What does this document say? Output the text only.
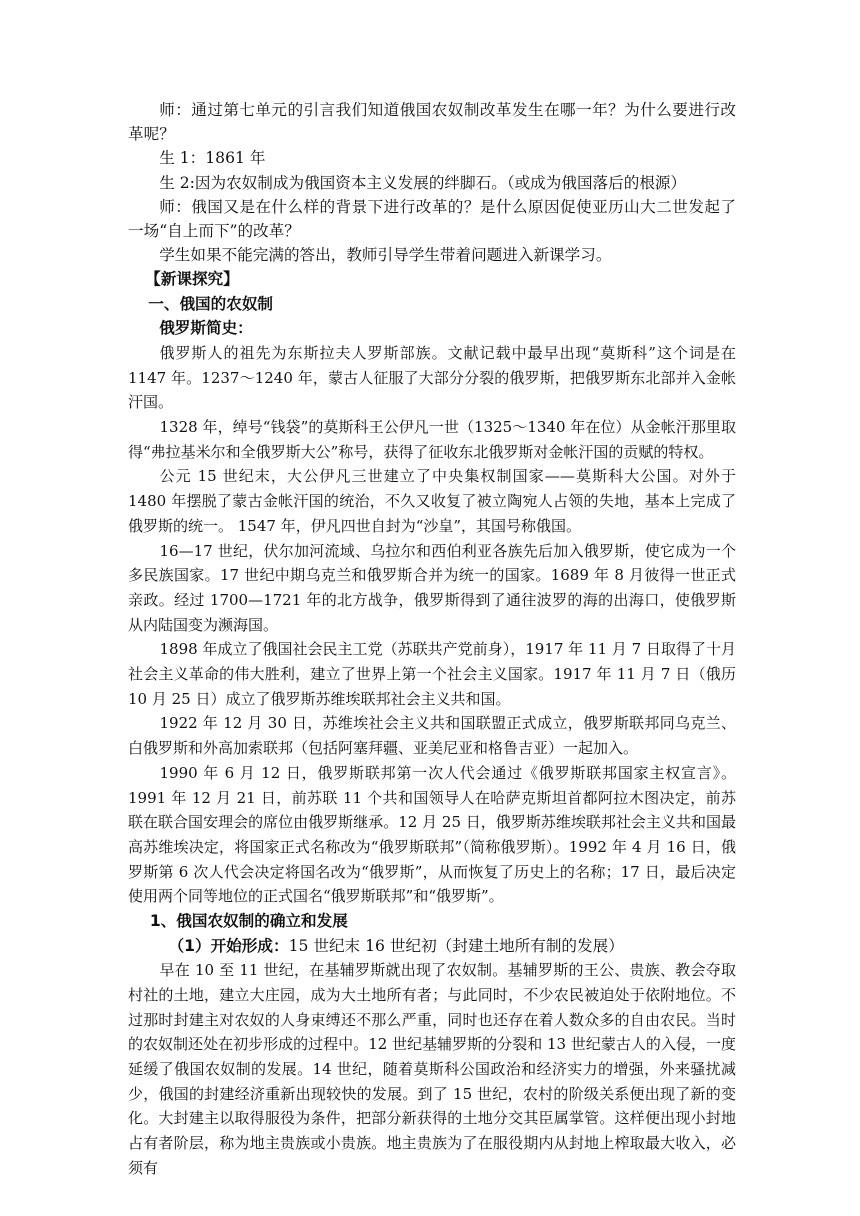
师：通过第七单元的引言我们知道俄国农奴制改革发生在哪一年？为什么要进行改革呢？

生 1：1861 年

生 2:因为农奴制成为俄国资本主义发展的绊脚石。（或成为俄国落后的根源）

师：俄国又是在什么样的背景下进行改革的？是什么原因促使亚历山大二世发起了一场“自上而下”的改革？

学生如果不能完满的答出，教师引导学生带着问题进入新课学习。

【新课探究】

一、俄国的农奴制

俄罗斯简史：

俄罗斯人的祖先为东斯拉夫人罗斯部族。文献记载中最早出现“莫斯科”这个词是在 1147 年。1237～1240 年，蒙古人征服了大部分分裂的俄罗斯，把俄罗斯东北部并入金帐汗国。

1328 年，绰号“钱袋”的莫斯科王公伊凡一世（1325～1340 年在位）从金帐汗那里取得“弗拉基米尔和全俄罗斯大公”称号，获得了征收东北俄罗斯对金帐汗国的贡赋的特权。

公元 15 世纪末，大公伊凡三世建立了中央集权制国家——莫斯科大公国。对外于 1480 年摆脱了蒙古金帐汗国的统治，不久又收复了被立陶宛人占领的失地，基本上完成了俄罗斯的统一。 1547 年，伊凡四世自封为“沙皇”，其国号称俄国。

16—17 世纪，伏尔加河流域、乌拉尔和西伯利亚各族先后加入俄罗斯，使它成为一个多民族国家。17 世纪中期乌克兰和俄罗斯合并为统一的国家。1689 年 8 月彼得一世正式亲政。经过 1700—1721 年的北方战争，俄罗斯得到了通往波罗的海的出海口，使俄罗斯从内陆国变为濒海国。

1898 年成立了俄国社会民主工党（苏联共产党前身），1917 年 11 月 7 日取得了十月社会主义革命的伟大胜利，建立了世界上第一个社会主义国家。1917 年 11 月 7 日（俄历 10 月 25 日）成立了俄罗斯苏维埃联邦社会主义共和国。

1922 年 12 月 30 日，苏维埃社会主义共和国联盟正式成立，俄罗斯联邦同乌克兰、白俄罗斯和外高加索联邦（包括阿塞拜疆、亚美尼亚和格鲁吉亚）一起加入。

1990 年 6 月 12 日，俄罗斯联邦第一次人代会通过《俄罗斯联邦国家主权宣言》。1991 年 12 月 21 日，前苏联 11 个共和国领导人在哈萨克斯坦首都阿拉木图决定，前苏联在联合国安理会的席位由俄罗斯继承。12 月 25 日，俄罗斯苏维埃联邦社会主义共和国最高苏维埃决定，将国家正式名称改为“俄罗斯联邦”（简称俄罗斯）。1992 年 4 月 16 日，俄罗斯第 6 次人代会决定将国名改为“俄罗斯”，从而恢复了历史上的名称；17 日，最后决定使用两个同等地位的正式国名“俄罗斯联邦”和“俄罗斯”。

1、俄国农奴制的确立和发展

（1）开始形成：15 世纪末 16 世纪初（封建土地所有制的发展）

早在 10 至 11 世纪，在基辅罗斯就出现了农奴制。基辅罗斯的王公、贵族、教会夺取村社的土地，建立大庄园，成为大土地所有者；与此同时，不少农民被迫处于依附地位。不过那时封建主对农奴的人身束缚还不那么严重，同时也还存在着人数众多的自由农民。当时的农奴制还处在初步形成的过程中。12 世纪基辅罗斯的分裂和 13 世纪蒙古人的入侵，一度延缓了俄国农奴制的发展。14 世纪，随着莫斯科公国政治和经济实力的增强，外来骚扰减少，俄国的封建经济重新出现较快的发展。到了 15 世纪，农村的阶级关系便出现了新的变化。大封建主以取得服役为条件，把部分新获得的土地分交其臣属掌管。这样便出现小封地占有者阶层，称为地主贵族或小贵族。地主贵族为了在服役期内从封地上榨取最大收入，必须有
